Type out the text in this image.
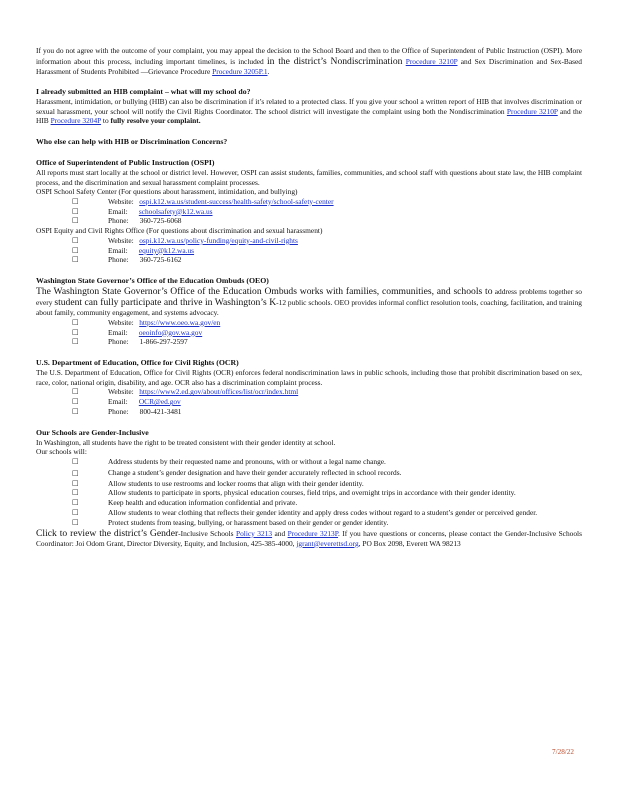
If you do not agree with the outcome of your complaint, you may appeal the decision to the School Board and then to the Office of Superintendent of Public Instruction (OSPI). More information about this process, including important timelines, is included in the district’s Nondiscrimination Procedure 3210P and Sex Discrimination and Sex-Based Harassment of Students Prohibited —Grievance Procedure Procedure 3205P.1.

I already submitted an HIB complaint – what will my school do?

Harassment, intimidation, or bullying (HIB) can also be discrimination if it’s related to a protected class. If you give your school a written report of HIB that involves discrimination or sexual harassment, your school will notify the Civil Rights Coordinator. The school district will investigate the complaint using both the Nondiscrimination Procedure 3210P and the HIB Procedure 3204P to fully resolve your complaint.

Who else can help with HIB or Discrimination Concerns?

Office of Superintendent of Public Instruction (OSPI)

All reports must start locally at the school or district level. However, OSPI can assist students, families, communities, and school staff with questions about state law, the HIB complaint process, and the discrimination and sexual harassment complaint processes.

OSPI School Safety Center (For questions about harassment, intimidation, and bullying)

□	Website: ospi.k12.wa.us/student-success/health-safety/school-safety-center
□	Email: schoolsafety@k12.wa.us
□	Phone: 360-725-6068

OSPI Equity and Civil Rights Office (For questions about discrimination and sexual harassment)

□	Website: ospi.k12.wa.us/policy-funding/equity-and-civil-rights
□	Email: equity@k12.wa.us
□	Phone: 360-725-6162

Washington State Governor’s Office of the Education Ombuds (OEO)

The Washington State Governor’s Office of the Education Ombuds works with families, communities, and schools to address problems together so every student can fully participate and thrive in Washington’s K-12 public schools. OEO provides informal conflict resolution tools, coaching, facilitation, and training about family, community engagement, and systems advocacy.

□	Website: https://www.oeo.wa.gov/en
□	Email: oeoinfo@gov.wa.gov
□	Phone: 1-866-297-2597

U.S. Department of Education, Office for Civil Rights (OCR)

The U.S. Department of Education, Office for Civil Rights (OCR) enforces federal nondiscrimination laws in public schools, including those that prohibit discrimination based on sex, race, color, national origin, disability, and age. OCR also has a discrimination complaint process.

□	Website: https://www2.ed.gov/about/offices/list/ocr/index.html
□	Email: OCR@ed.gov
□	Phone: 800-421-3481

Our Schools are Gender-Inclusive

In Washington, all students have the right to be treated consistent with their gender identity at school.

Our schools will:

□	Address students by their requested name and pronouns, with or without a legal name change.
□	Change a student’s gender designation and have their gender accurately reflected in school records.
□	Allow students to use restrooms and locker rooms that align with their gender identity.
□	Allow students to participate in sports, physical education courses, field trips, and overnight trips in accordance with their gender identity.
□	Keep health and education information confidential and private.
□	Allow students to wear clothing that reflects their gender identity and apply dress codes without regard to a student’s gender or perceived gender.
□	Protect students from teasing, bullying, or harassment based on their gender or gender identity.

Click to review the district’s Gender-Inclusive Schools Policy 3213 and Procedure 3213P. If you have questions or concerns, please contact the Gender-Inclusive Schools Coordinator: Joi Odom Grant, Director Diversity, Equity, and Inclusion, 425-385-4000, jgrant@everettsd.org, PO Box 2098, Everett WA 98213

7/28/22
